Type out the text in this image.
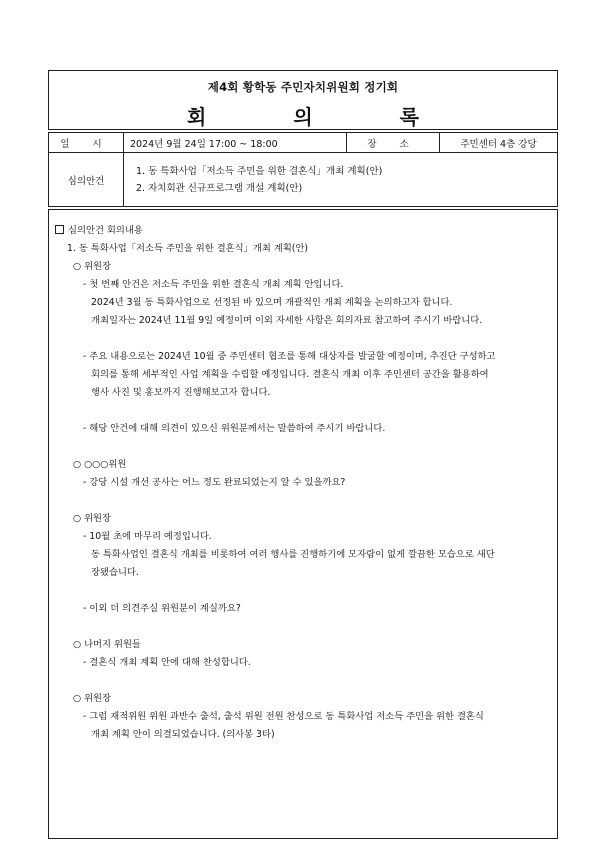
제4회 황학동 주민자치위원회 정기회
회 의 록
일 시	2024년 9월 24일 17:00 ~ 18:00	장 소	주민센터 4층 강당
심의안건	1. 동 특화사업「저소득 주민을 위한 결혼식」개최 계획(안)
2. 자치회관 신규프로그램 개설 계획(안)		
심의안건 회의내용
1. 동 특화사업「저소득 주민을 위한 결혼식」개최 계획(안)
○ 위원장
- 첫 번째 안건은 저소득 주민을 위한 결혼식 개최 계획 안입니다.
2024년 3월 동 특화사업으로 선정된 바 있으며 개괄적인 개최 계획을 논의하고자 합니다.
개최일자는 2024년 11월 9일 예정이며 이외 자세한 사항은 회의자료 참고하여 주시기 바랍니다.
- 주요 내용으로는 2024년 10월 중 주민센터 협조를 통해 대상자를 발굴할 예정이며, 추진단 구성하고
회의를 통해 세부적인 사업 계획을 수립할 예정입니다. 결혼식 개최 이후 주민센터 공간을 활용하여
행사 사진 및 홍보까지 진행해보고자 합니다.
- 해당 안건에 대해 의견이 있으신 위원분께서는 말씀하여 주시기 바랍니다.
○ ○○○위원
- 강당 시설 개선 공사는 어느 정도 완료되었는지 알 수 있을까요?
○ 위원장
- 10월 초에 마무리 예정입니다.
동 특화사업인 결혼식 개최를 비롯하여 여러 행사를 진행하기에 모자람이 없게 깔끔한 모습으로 새단
장됐습니다.
- 이외 더 의견주실 위원분이 계실까요?
○ 나머지 위원들
- 결혼식 개최 계획 안에 대해 찬성합니다.
○ 위원장
- 그럼 재적위원 위원 과반수 출석, 출석 위원 전원 찬성으로 동 특화사업 저소득 주민을 위한 결혼식
개최 계획 안이 의결되었습니다. (의사봉 3타)
